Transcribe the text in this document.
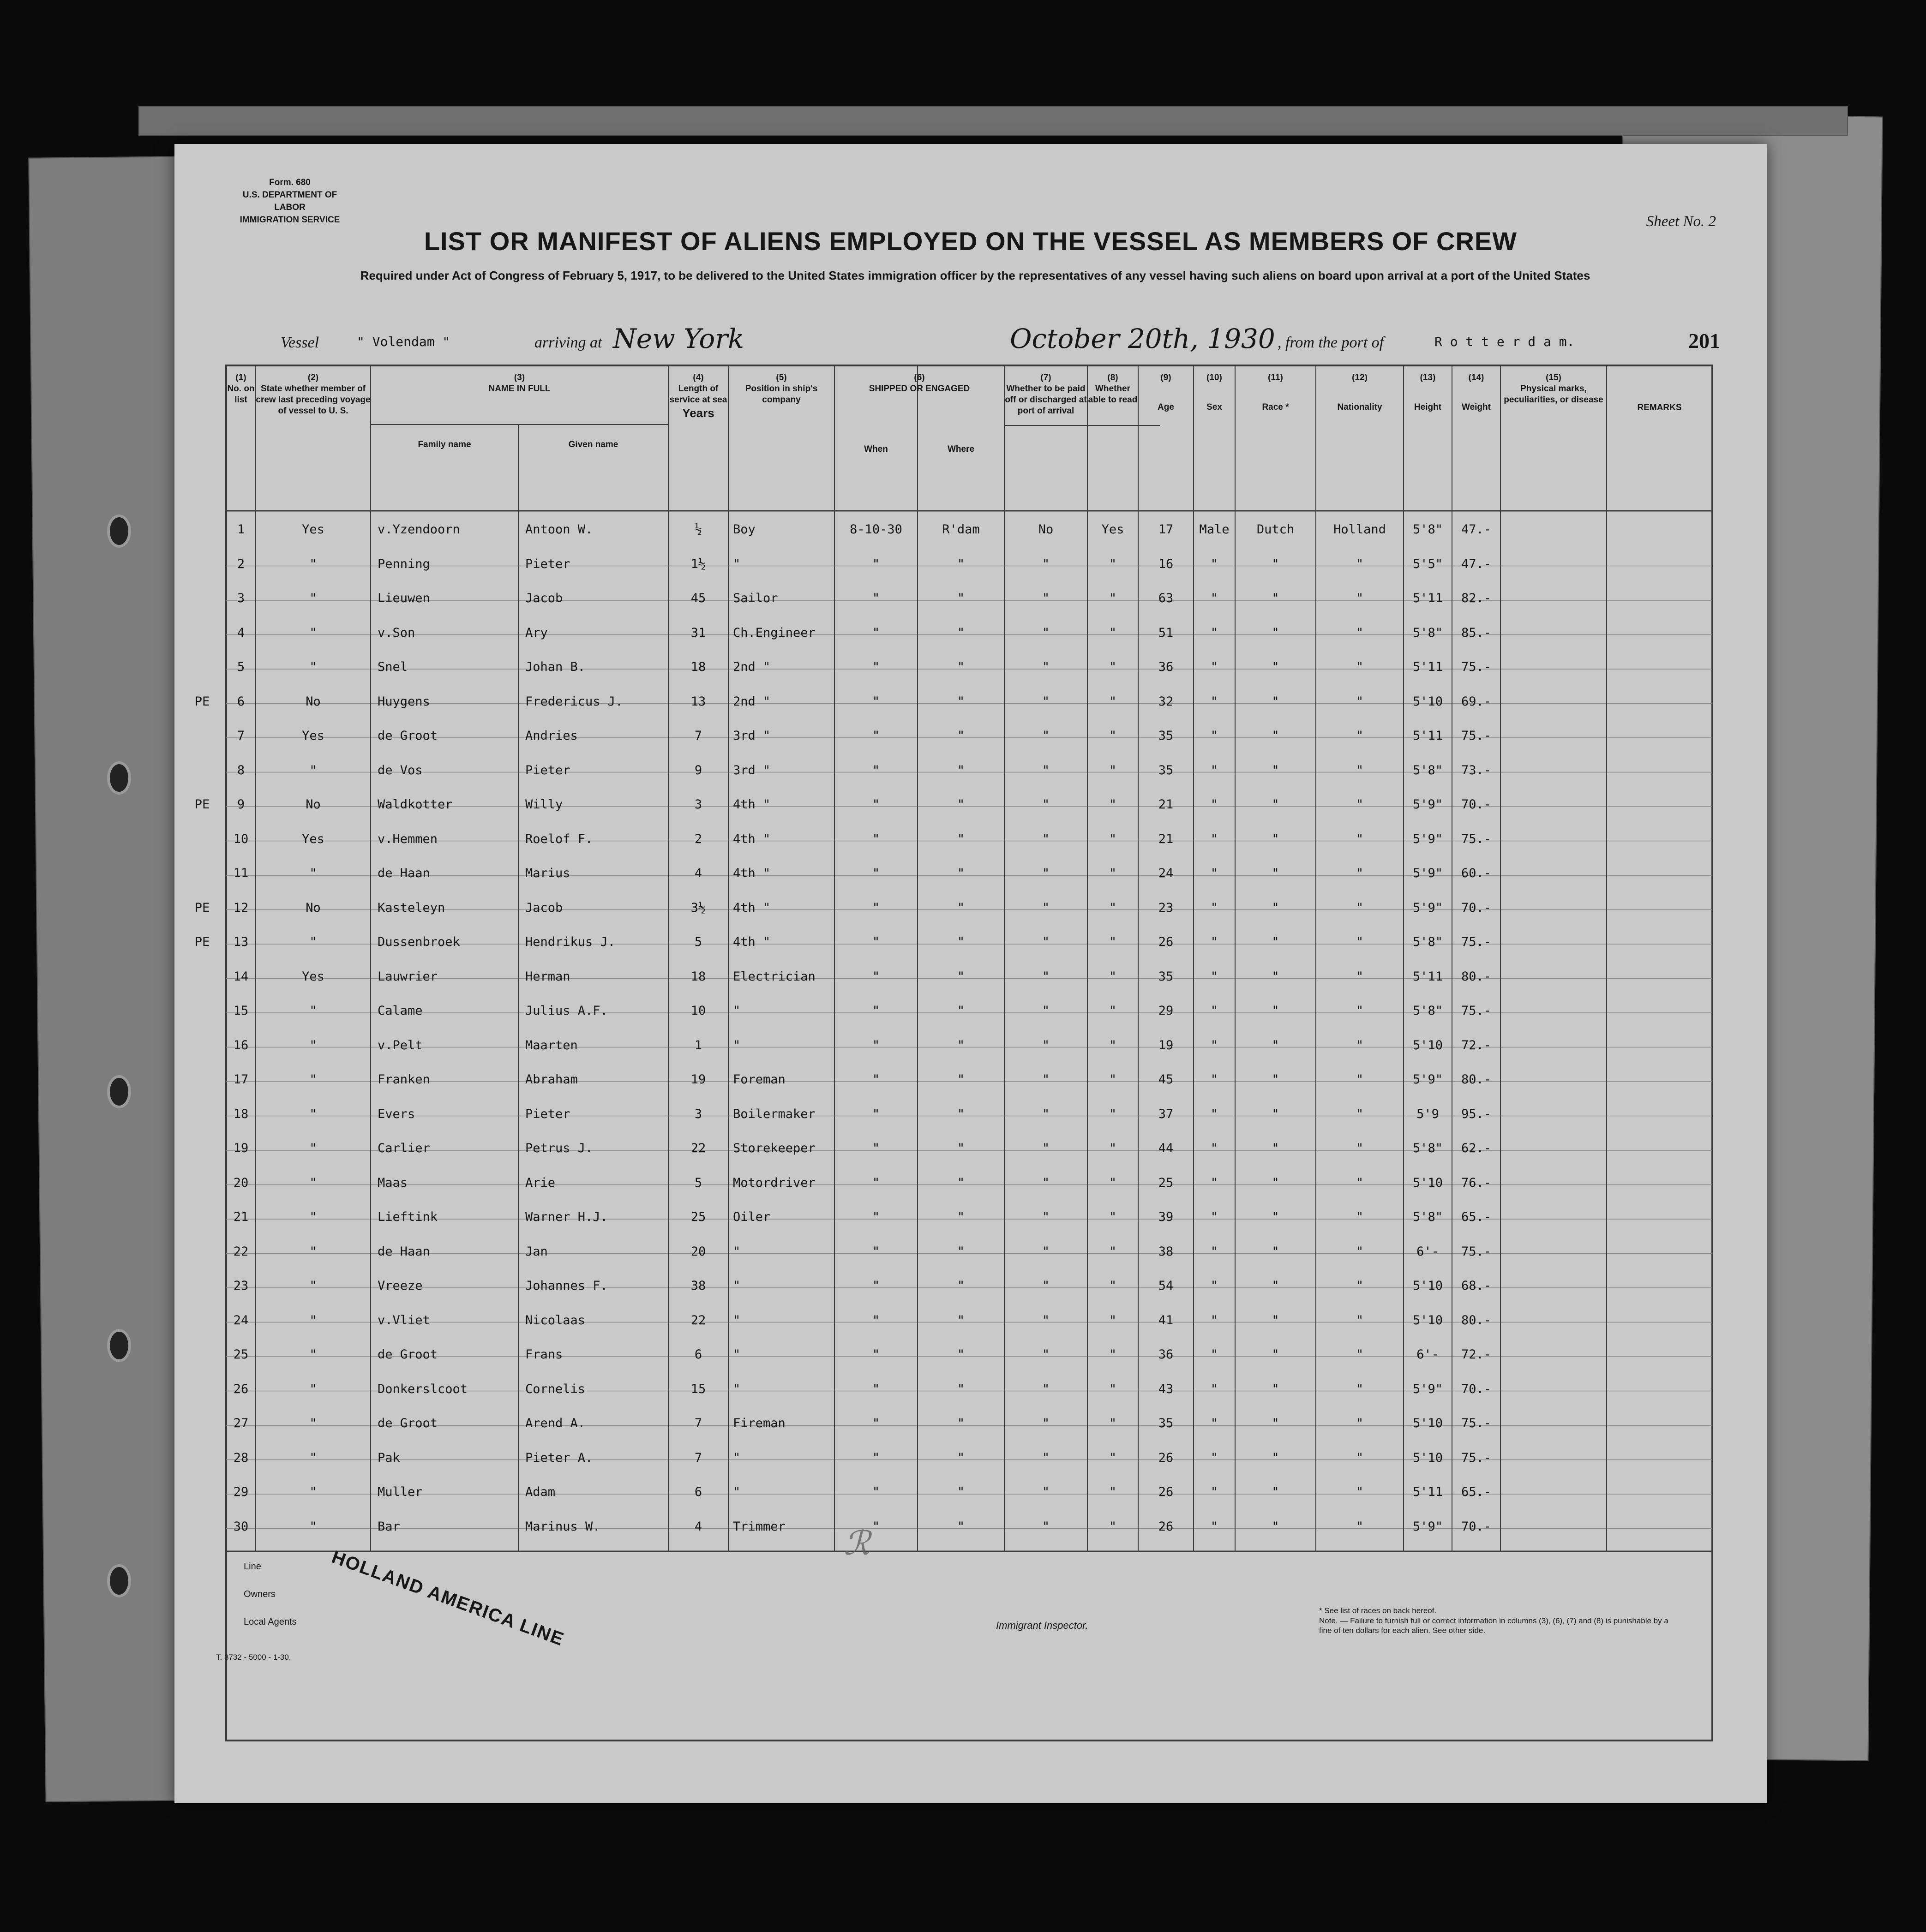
Form. 680
U.S. DEPARTMENT OF LABOR
IMMIGRATION SERVICE	Sheet No. 2
LIST OR MANIFEST OF ALIENS EMPLOYED ON THE VESSEL AS MEMBERS OF CREW
Required under Act of Congress of February 5, 1917, to be delivered to the United States immigration officer by the representatives of any vessel having such aliens on board upon arrival at a port of the United States
Vessel	" Volendam "	arriving at New York	October 20th, 1930 , from the port of	R o t t e r d a m.	201
(1)
No. on list
(2)
State whether member of crew last preceding voyage of vessel to U. S.
(3)
NAME IN FULL
Family name	Given name
(4)
Length of service at sea
Years
(5)
Position in ship's company
(6)
SHIPPED OR ENGAGED
When	Where
(7)
Whether to be paid off or discharged at port of arrival
(8)
Whether able to read
(9)
Age
(10)
Sex
(11)
Race *
(12)
Nationality
(13)
Height
(14)
Weight
(15)
Physical marks, peculiarities, or disease
REMARKS
1	Yes	v.Yzendoorn	Antoon W.	½	Boy	8-10-30	R'dam	No	Yes	17	Male	Dutch	Holland	5'8"	47.-
2	"	Penning	Pieter	1½	"	"	"	"	"	16	"	"	"	5'5"	47.-
3	"	Lieuwen	Jacob	45	Sailor	"	"	"	"	63	"	"	"	5'11	82.-
4	"	v.Son	Ary	31	Ch.Engineer	"	"	"	"	51	"	"	"	5'8"	85.-
5	"	Snel	Johan B.	18	2nd "	"	"	"	"	36	"	"	"	5'11	75.-
PE	6	No	Huygens	Fredericus J.	13	2nd "	"	"	"	"	32	"	"	"	5'10	69.-
7	Yes	de Groot	Andries	7	3rd "	"	"	"	"	35	"	"	"	5'11	75.-
8	"	de Vos	Pieter	9	3rd "	"	"	"	"	35	"	"	"	5'8"	73.-
PE	9	No	Waldkotter	Willy	3	4th "	"	"	"	"	21	"	"	"	5'9"	70.-
10	Yes	v.Hemmen	Roelof F.	2	4th "	"	"	"	"	21	"	"	"	5'9"	75.-
11	"	de Haan	Marius	4	4th "	"	"	"	"	24	"	"	"	5'9"	60.-
PE	12	No	Kasteleyn	Jacob	3½	4th "	"	"	"	"	23	"	"	"	5'9"	70.-
PE	13	"	Dussenbroek	Hendrikus J.	5	4th "	"	"	"	"	26	"	"	"	5'8"	75.-
14	Yes	Lauwrier	Herman	18	Electrician	"	"	"	"	35	"	"	"	5'11	80.-
15	"	Calame	Julius A.F.	10	"	"	"	"	"	29	"	"	"	5'8"	75.-
16	"	v.Pelt	Maarten	1	"	"	"	"	"	19	"	"	"	5'10	72.-
17	"	Franken	Abraham	19	Foreman	"	"	"	"	45	"	"	"	5'9"	80.-
18	"	Evers	Pieter	3	Boilermaker	"	"	"	"	37	"	"	"	5'9	95.-
19	"	Carlier	Petrus J.	22	Storekeeper	"	"	"	"	44	"	"	"	5'8"	62.-
20	"	Maas	Arie	5	Motordriver	"	"	"	"	25	"	"	"	5'10	76.-
21	"	Lieftink	Warner H.J.	25	Oiler	"	"	"	"	39	"	"	"	5'8"	65.-
22	"	de Haan	Jan	20	"	"	"	"	"	38	"	"	"	6'-	75.-
23	"	Vreeze	Johannes F.	38	"	"	"	"	"	54	"	"	"	5'10	68.-
24	"	v.Vliet	Nicolaas	22	"	"	"	"	"	41	"	"	"	5'10	80.-
25	"	de Groot	Frans	6	"	"	"	"	"	36	"	"	"	6'-	72.-
26	"	Donkerslcoot	Cornelis	15	"	"	"	"	"	43	"	"	"	5'9"	70.-
27	"	de Groot	Arend A.	7	Fireman	"	"	"	"	35	"	"	"	5'10	75.-
28	"	Pak	Pieter A.	7	"	"	"	"	"	26	"	"	"	5'10	75.-
29	"	Muller	Adam	6	"	"	"	"	"	26	"	"	"	5'11	65.-
30	"	Bar	Marinus W.	4	Trimmer	"	"	"	"	26	"	"	"	5'9"	70.-
ℛ
Line
Owners
Local Agents HOLLAND AMERICA LINE	Immigrant Inspector.
T. 3732 - 5000 - 1-30.
* See list of races on back hereof.
Note. — Failure to furnish full or correct information in columns (3), (6), (7) and (8) is punishable by a fine of ten dollars for each alien. See other side.
